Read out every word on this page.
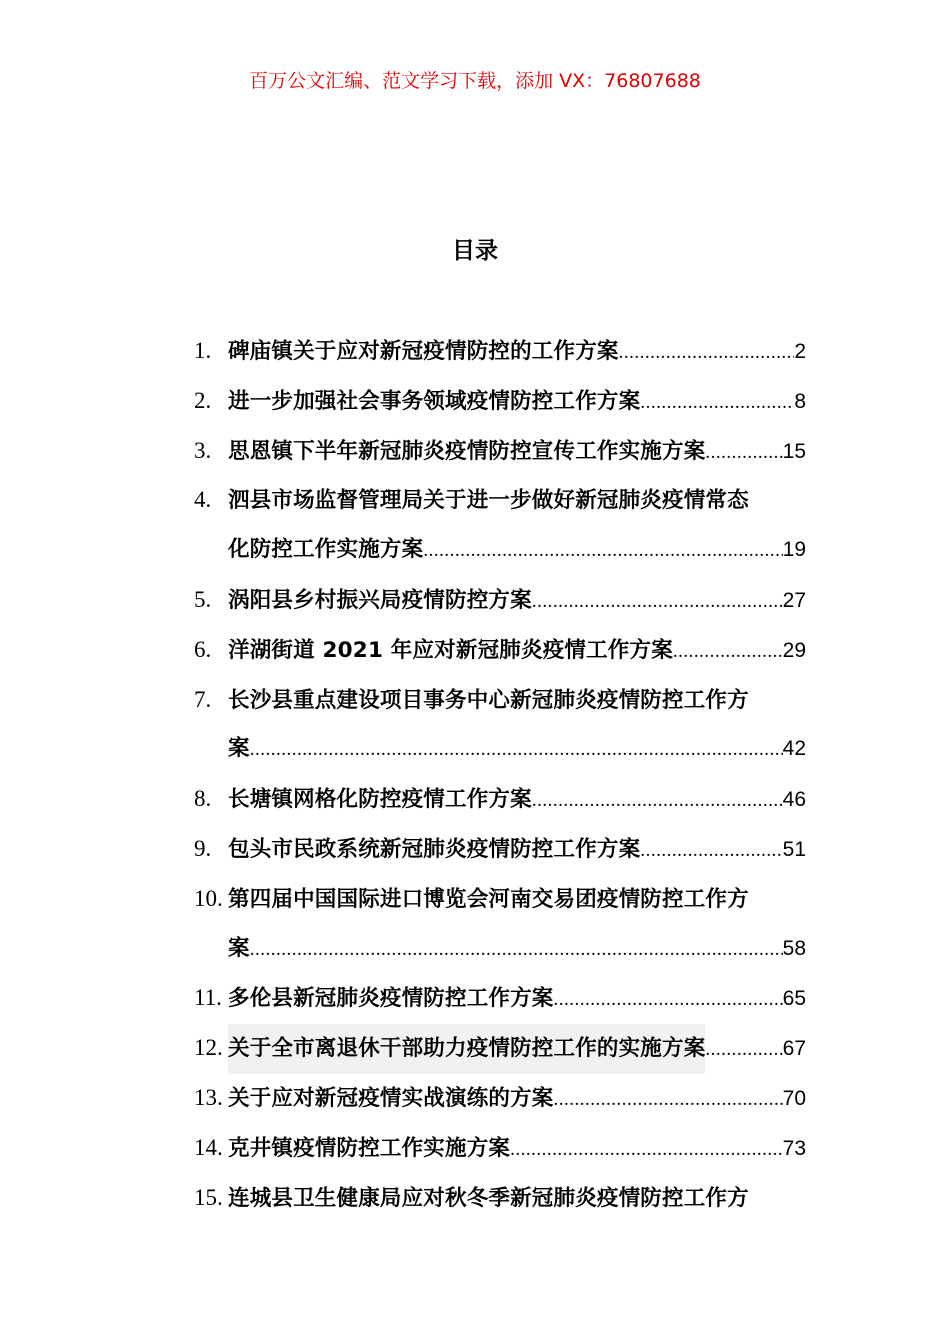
百万公文汇编、范文学习下载，添加 VX：76807688
目录
1. 碑庙镇关于应对新冠疫情防控的工作方案 .....	2
2. 进一步加强社会事务领域疫情防控工作方案 .....	8
3. 思恩镇下半年新冠肺炎疫情防控宣传工作实施方案 .....	15
4. 泗县市场监督管理局关于进一步做好新冠肺炎疫情常态
化防控工作实施方案 .....	19
5. 涡阳县乡村振兴局疫情防控方案 .....	27
6. 洋湖街道 2021 年应对新冠肺炎疫情工作方案 .....	29
7. 长沙县重点建设项目事务中心新冠肺炎疫情防控工作方
案 .....	42
8. 长塘镇网格化防控疫情工作方案 .....	46
9. 包头市民政系统新冠肺炎疫情防控工作方案 .....	51
10. 第四届中国国际进口博览会河南交易团疫情防控工作方
案 .....	58
11. 多伦县新冠肺炎疫情防控工作方案 .....	65
12. 关于全市离退休干部助力疫情防控工作的实施方案 .....	67
13. 关于应对新冠疫情实战演练的方案 .....	70
14. 克井镇疫情防控工作实施方案 .....	73
15. 连城县卫生健康局应对秋冬季新冠肺炎疫情防控工作方
